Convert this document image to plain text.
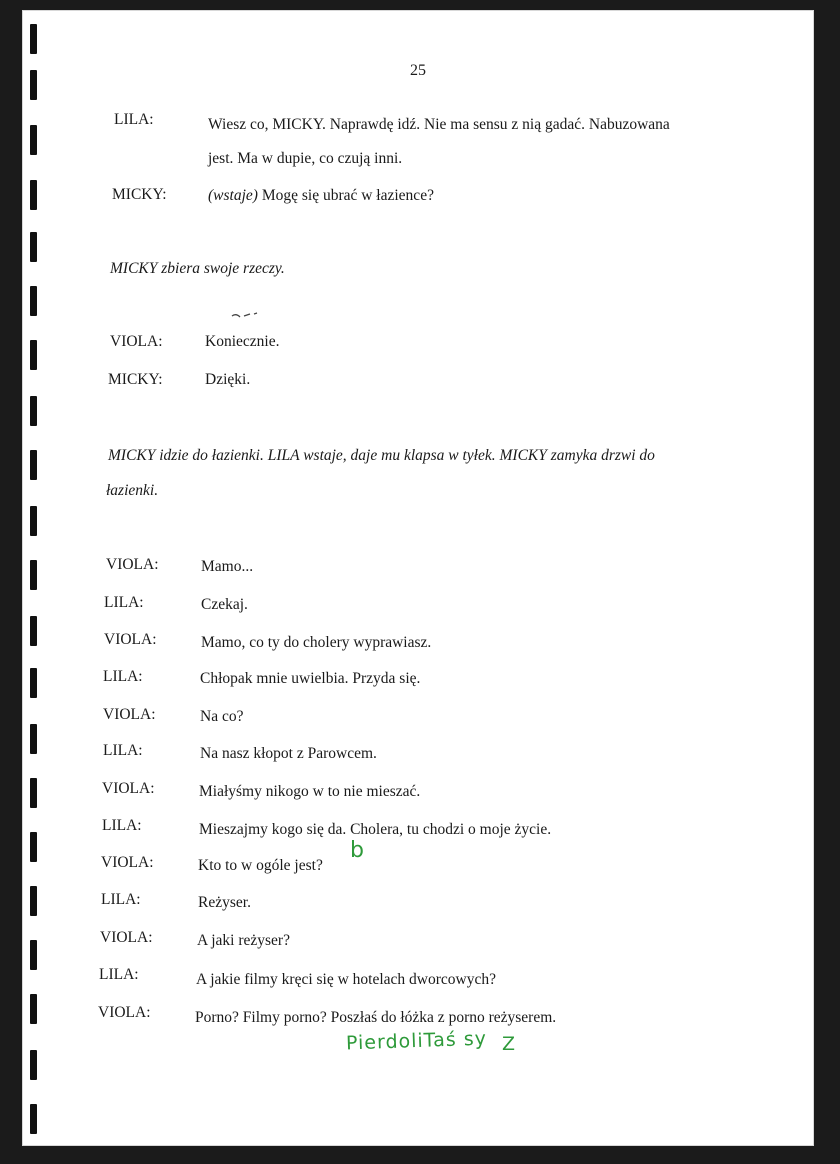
25
LILA:	Wiesz co, MICKY. Naprawdę idź. Nie ma sensu z nią gadać. Nabuzowana
jest. Ma w dupie, co czują inni.
MICKY:	(wstaje) Mogę się ubrać w łazience?
MICKY zbiera swoje rzeczy.
VIOLA:	Koniecznie.
MICKY:	Dzięki.
MICKY idzie do łazienki. LILA wstaje, daje mu klapsa w tyłek. MICKY zamyka drzwi do
łazienki.
VIOLA:	Mamo...
LILA:	Czekaj.
VIOLA:	Mamo, co ty do cholery wyprawiasz.
LILA:	Chłopak mnie uwielbia. Przyda się.
VIOLA:	Na co?
LILA:	Na nasz kłopot z Parowcem.
VIOLA:	Miałyśmy nikogo w to nie mieszać.
LILA:	Mieszajmy kogo się da. Cholera, tu chodzi o moje życie.
b
VIOLA:	Kto to w ogóle jest?
LILA:	Reżyser.
VIOLA:	A jaki reżyser?
LILA:	A jakie filmy kręci się w hotelach dworcowych?
VIOLA:	Porno? Filmy porno? Poszłaś do łóżka z porno reżyserem.
PierdoliTaś sy Z
